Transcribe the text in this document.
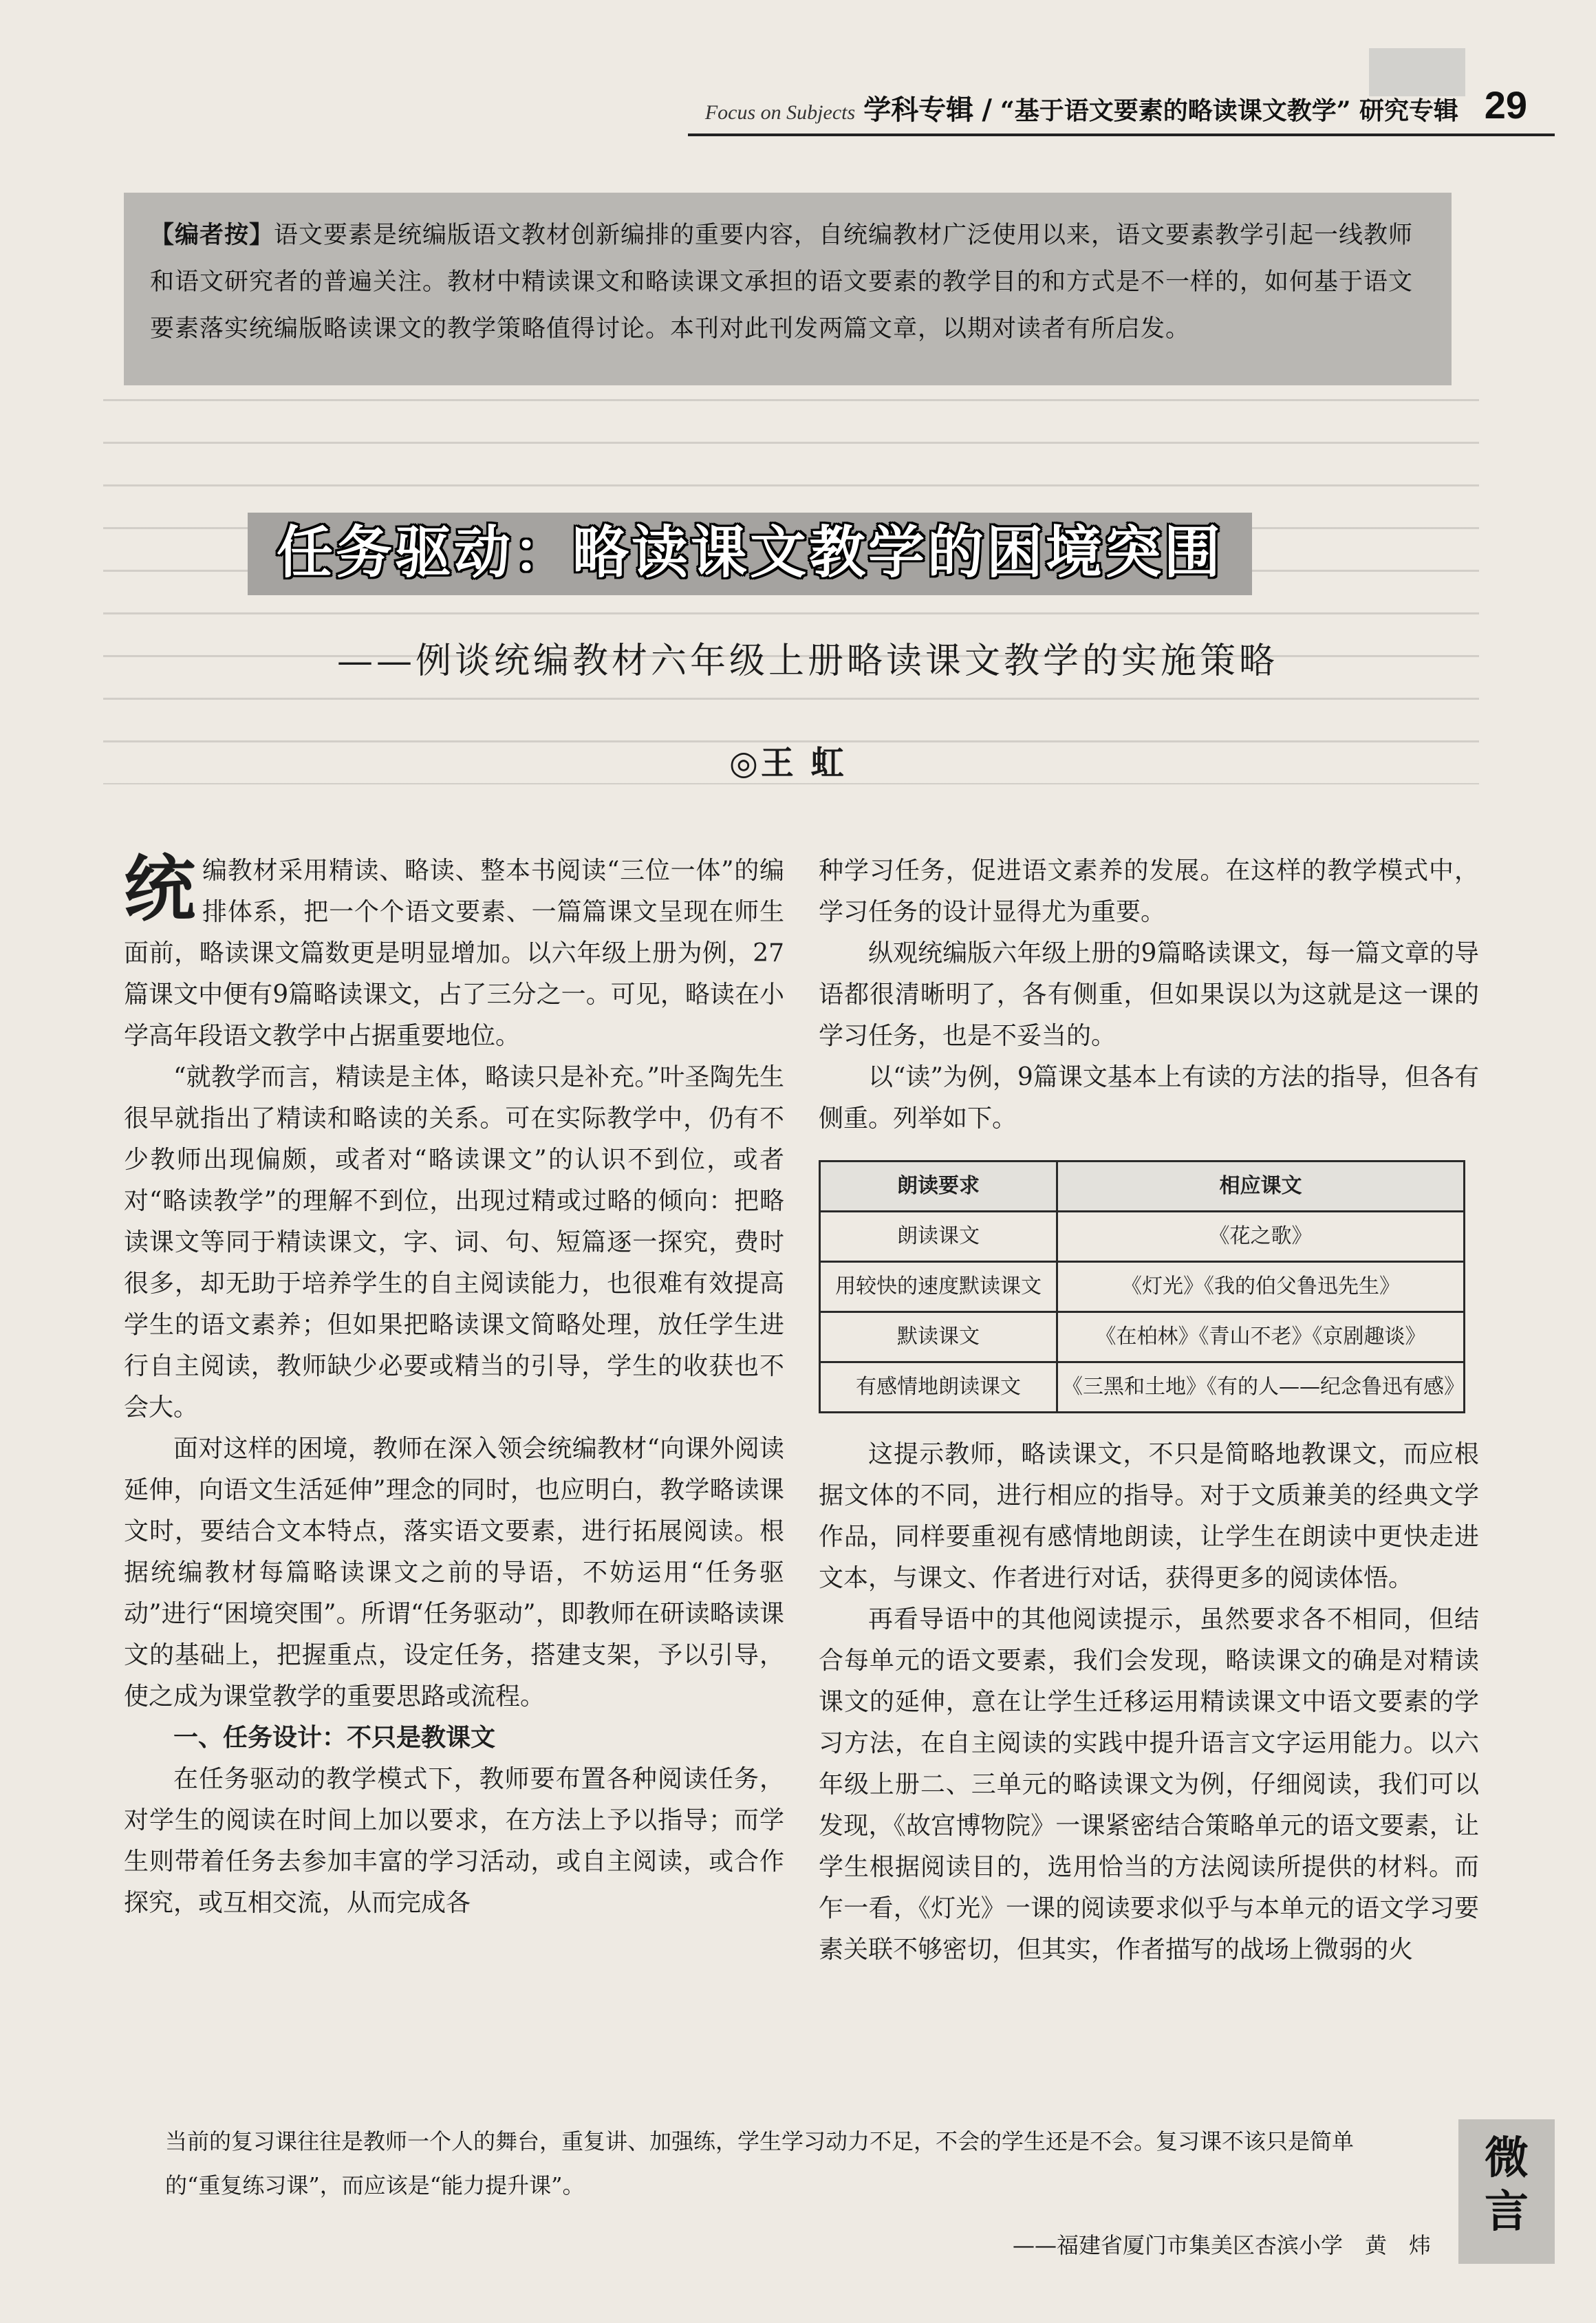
Focus on Subjects 学科专辑 / “基于语文要素的略读课文教学” 研究专辑 29
【编者按】语文要素是统编版语文教材创新编排的重要内容，自统编教材广泛使用以来，语文要素教学引起一线教师和语文研究者的普遍关注。教材中精读课文和略读课文承担的语文要素的教学目的和方式是不一样的，如何基于语文要素落实统编版略读课文的教学策略值得讨论。本刊对此刊发两篇文章，以期对读者有所启发。
任务驱动：略读课文教学的困境突围
——例谈统编教材六年级上册略读课文教学的实施策略
◎王 虹

统编教材采用精读、略读、整本书阅读“三位一体”的编排体系，把一个个语文要素、一篇篇课文呈现在师生面前，略读课文篇数更是明显增加。以六年级上册为例，27篇课文中便有9篇略读课文，占了三分之一。可见，略读在小学高年段语文教学中占据重要地位。

“就教学而言，精读是主体，略读只是补充。”叶圣陶先生很早就指出了精读和略读的关系。可在实际教学中，仍有不少教师出现偏颇，或者对“略读课文”的认识不到位，或者对“略读教学”的理解不到位，出现过精或过略的倾向：把略读课文等同于精读课文，字、词、句、短篇逐一探究，费时很多，却无助于培养学生的自主阅读能力，也很难有效提高学生的语文素养；但如果把略读课文简略处理，放任学生进行自主阅读，教师缺少必要或精当的引导，学生的收获也不会大。

面对这样的困境，教师在深入领会统编教材“向课外阅读延伸，向语文生活延伸”理念的同时，也应明白，教学略读课文时，要结合文本特点，落实语文要素，进行拓展阅读。根据统编教材每篇略读课文之前的导语，不妨运用“任务驱动”进行“困境突围”。所谓“任务驱动”，即教师在研读略读课文的基础上，把握重点，设定任务，搭建支架，予以引导，使之成为课堂教学的重要思路或流程。

一、任务设计：不只是教课文

在任务驱动的教学模式下，教师要布置各种阅读任务，对学生的阅读在时间上加以要求，在方法上予以指导；而学生则带着任务去参加丰富的学习活动，或自主阅读，或合作探究，或互相交流，从而完成各

种学习任务，促进语文素养的发展。在这样的教学模式中，学习任务的设计显得尤为重要。

纵观统编版六年级上册的9篇略读课文，每一篇文章的导语都很清晰明了，各有侧重，但如果误以为这就是这一课的学习任务，也是不妥当的。

以“读”为例，9篇课文基本上有读的方法的指导，但各有侧重。列举如下。

朗读要求	相应课文
朗读课文	《花之歌》
用较快的速度默读课文	《灯光》《我的伯父鲁迅先生》
默读课文	《在柏林》《青山不老》《京剧趣谈》
有感情地朗读课文	《三黑和土地》《有的人——纪念鲁迅有感》

这提示教师，略读课文，不只是简略地教课文，而应根据文体的不同，进行相应的指导。对于文质兼美的经典文学作品，同样要重视有感情地朗读，让学生在朗读中更快走进文本，与课文、作者进行对话，获得更多的阅读体悟。

再看导语中的其他阅读提示，虽然要求各不相同，但结合每单元的语文要素，我们会发现，略读课文的确是对精读课文的延伸，意在让学生迁移运用精读课文中语文要素的学习方法，在自主阅读的实践中提升语言文字运用能力。以六年级上册二、三单元的略读课文为例，仔细阅读，我们可以发现，《故宫博物院》一课紧密结合策略单元的语文要素，让学生根据阅读目的，选用恰当的方法阅读所提供的材料。而乍一看，《灯光》一课的阅读要求似乎与本单元的语文学习要素关联不够密切，但其实，作者描写的战场上微弱的火

当前的复习课往往是教师一个人的舞台，重复讲、加强练，学生学习动力不足，不会的学生还是不会。复习课不该只是简单的“重复练习课”，而应该是“能力提升课”。
——福建省厦门市集美区杏滨小学　黄　炜
微
言
